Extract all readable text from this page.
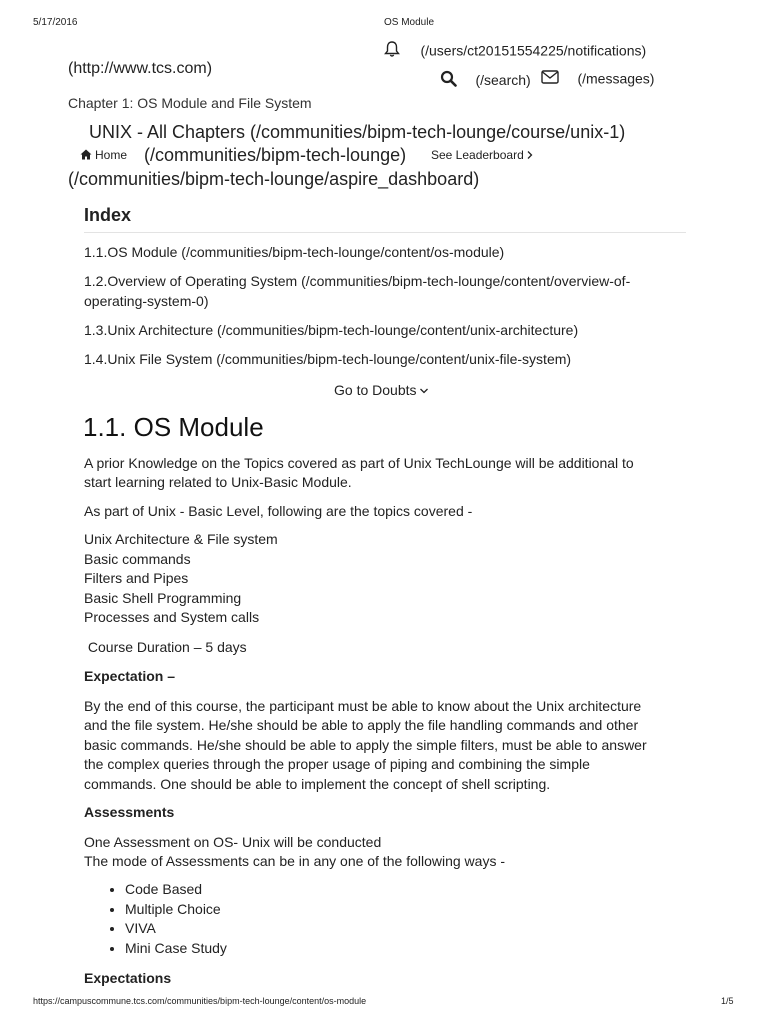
5/17/2016	OS Module
(/users/ct20151554225/notifications)
(http://www.tcs.com)
(/search)	(/messages)
Chapter 1: OS Module and File System
UNIX - All Chapters (/communities/bipm-tech-lounge/course/unix-1)
Home (/communities/bipm-tech-lounge) See Leaderboard
(/communities/bipm-tech-lounge/aspire_dashboard)
Index
1.1.OS Module (/communities/bipm-tech-lounge/content/os-module)
1.2.Overview of Operating System (/communities/bipm-tech-lounge/content/overview-of-
operating-system-0)
1.3.Unix Architecture (/communities/bipm-tech-lounge/content/unix-architecture)
1.4.Unix File System (/communities/bipm-tech-lounge/content/unix-file-system)
Go to Doubts
1.1. OS Module
A prior Knowledge on the Topics covered as part of Unix TechLounge will be additional to
start learning related to Unix-Basic Module.
As part of Unix - Basic Level, following are the topics covered -
Unix Architecture & File system
Basic commands
Filters and Pipes
Basic Shell Programming
Processes and System calls
Course Duration – 5 days
Expectation –
By the end of this course, the participant must be able to know about the Unix architecture
and the file system. He/she should be able to apply the file handling commands and other
basic commands. He/she should be able to apply the simple filters, must be able to answer
the complex queries through the proper usage of piping and combining the simple
commands. One should be able to implement the concept of shell scripting.
Assessments
One Assessment on OS- Unix will be conducted
The mode of Assessments can be in any one of the following ways -
• Code Based
• Multiple Choice
• VIVA
• Mini Case Study
Expectations
https://campuscommune.tcs.com/communities/bipm-tech-lounge/content/os-module	1/5
